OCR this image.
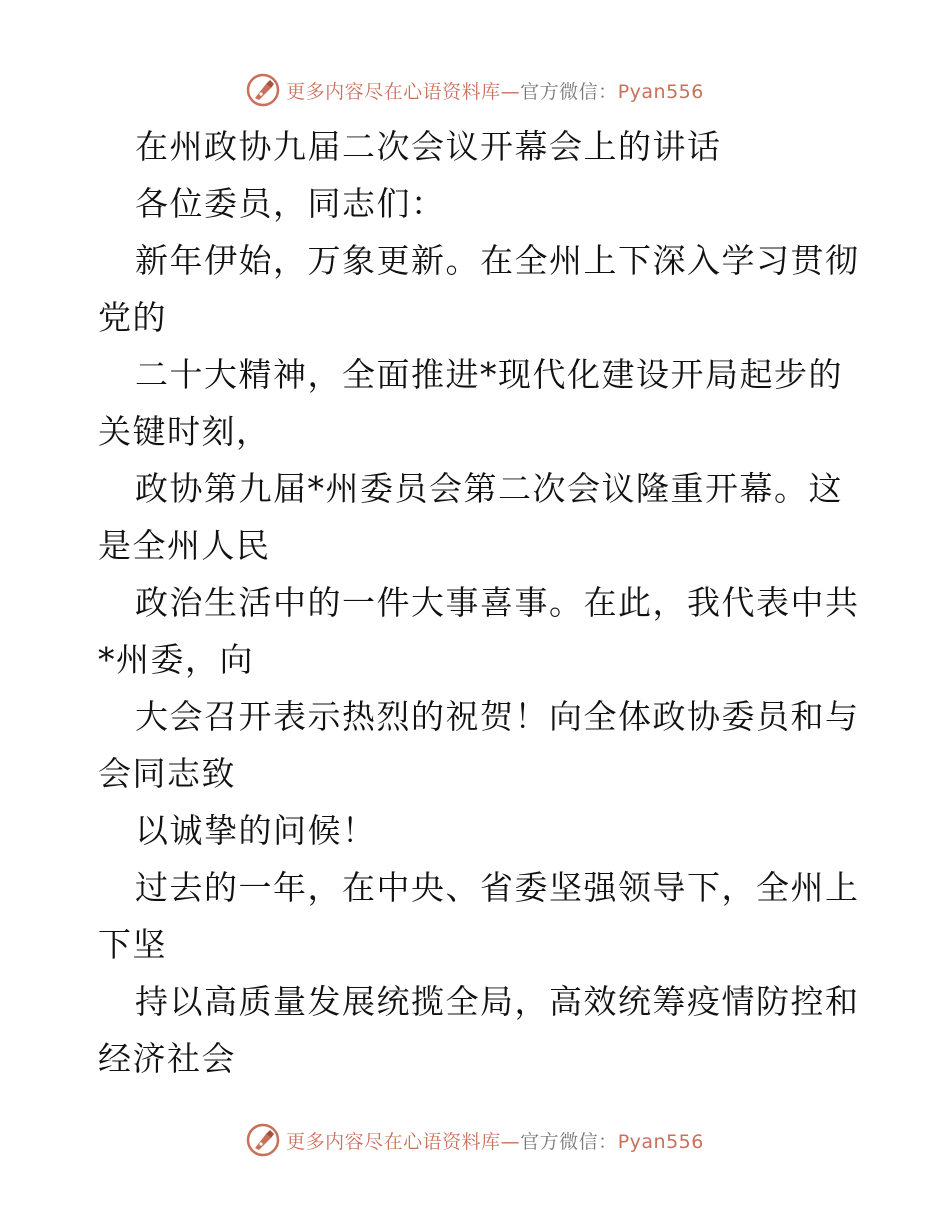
更多内容尽在心语资料库—官方微信：Pyan556
在州政协九届二次会议开幕会上的讲话
各位委员，同志们：
新年伊始，万象更新。在全州上下深入学习贯彻
党的
二十大精神，全面推进*现代化建设开局起步的
关键时刻，
政协第九届*州委员会第二次会议隆重开幕。这
是全州人民
政治生活中的一件大事喜事。在此，我代表中共
*州委，向
大会召开表示热烈的祝贺！向全体政协委员和与
会同志致
以诚挚的问候！
过去的一年，在中央、省委坚强领导下，全州上
下坚
持以高质量发展统揽全局，高效统筹疫情防控和
经济社会
更多内容尽在心语资料库—官方微信：Pyan556
